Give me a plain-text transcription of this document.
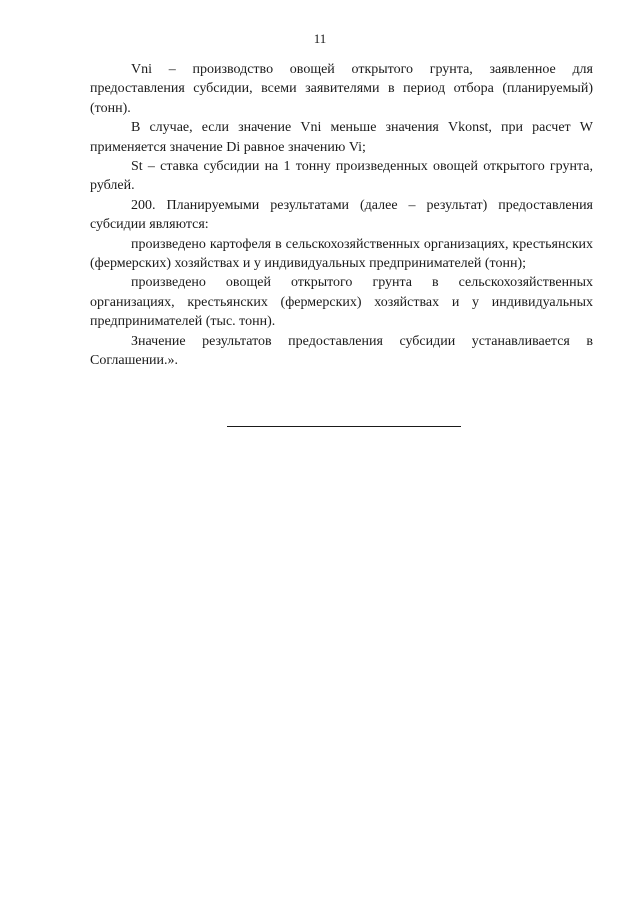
11

Vni – производство овощей открытого грунта, заявленное для предоставления субсидии, всеми заявителями в период отбора (планируемый) (тонн).

В случае, если значение Vni меньше значения Vkonst, при расчет W применяется значение Di равное значению Vi;

St – ставка субсидии на 1 тонну произведенных овощей открытого грунта, рублей.

200. Планируемыми результатами (далее – результат) предоставления субсидии являются:

произведено картофеля в сельскохозяйственных организациях, крестьянских (фермерских) хозяйствах и у индивидуальных предпринимателей (тонн);

произведено овощей открытого грунта в сельскохозяйственных организациях, крестьянских (фермерских) хозяйствах и у индивидуальных предпринимателей (тыс. тонн).

Значение результатов предоставления субсидии устанавливается в Соглашении.».
